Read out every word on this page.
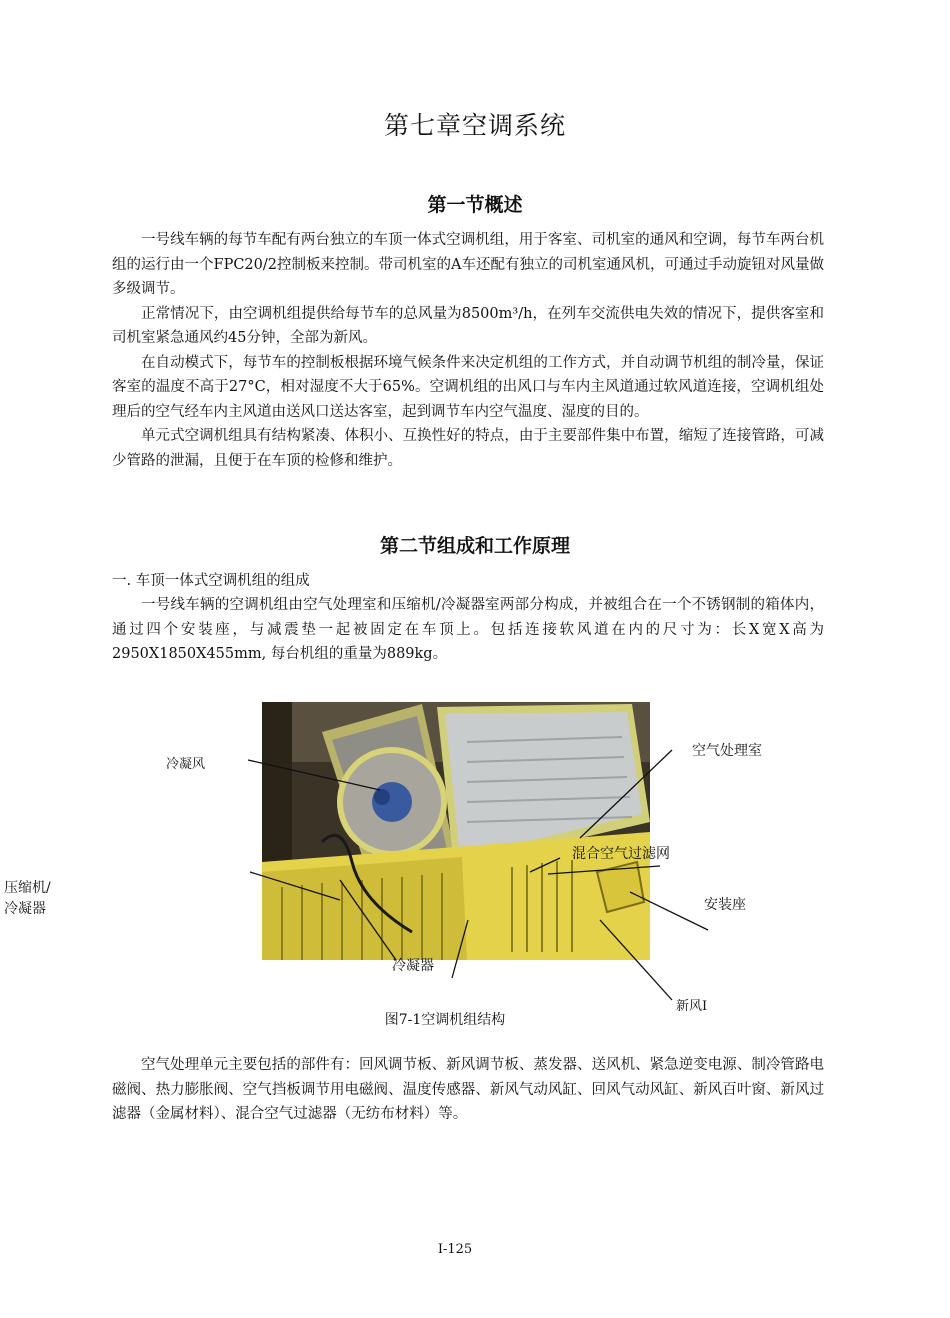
第七章空调系统
第一节概述

一号线车辆的每节车配有两台独立的车顶一体式空调机组，用于客室、司机室的通风和空调，每节车两台机组的运行由一个FPC20/2控制板来控制。带司机室的A车还配有独立的司机室通风机，可通过手动旋钮对风量做多级调节。

正常情况下，由空调机组提供给每节车的总风量为8500m³/h，在列车交流供电失效的情况下，提供客室和司机室紧急通风约45分钟，全部为新风。

在自动模式下，每节车的控制板根据环境气候条件来决定机组的工作方式，并自动调节机组的制冷量，保证客室的温度不高于27°C，相对湿度不大于65%。空调机组的出风口与车内主风道通过软风道连接，空调机组处理后的空气经车内主风道由送风口送达客室，起到调节车内空气温度、湿度的目的。

单元式空调机组具有结构紧凑、体积小、互换性好的特点，由于主要部件集中布置，缩短了连接管路，可减少管路的泄漏，且便于在车顶的检修和维护。

第二节组成和工作原理
一. 车顶一体式空调机组的组成

一号线车辆的空调机组由空气处理室和压缩机/冷凝器室两部分构成，并被组合在一个不锈钢制的箱体内，通过四个安装座，与减震垫一起被固定在车顶上。包括连接软风道在内的尺寸为：长X宽X高为2950X1850X455mm, 每台机组的重量为889kg。

冷凝风
空气处理室
混合空气过滤网
压缩机/
冷凝器	安装座
冷凝器
新风I
图7-1空调机组结构

空气处理单元主要包括的部件有：回风调节板、新风调节板、蒸发器、送风机、紧急逆变电源、制冷管路电磁阀、热力膨胀阀、空气挡板调节用电磁阀、温度传感器、新风气动风缸、回风气动风缸、新风百叶窗、新风过滤器（金属材料）、混合空气过滤器（无纺布材料）等。

I-125
